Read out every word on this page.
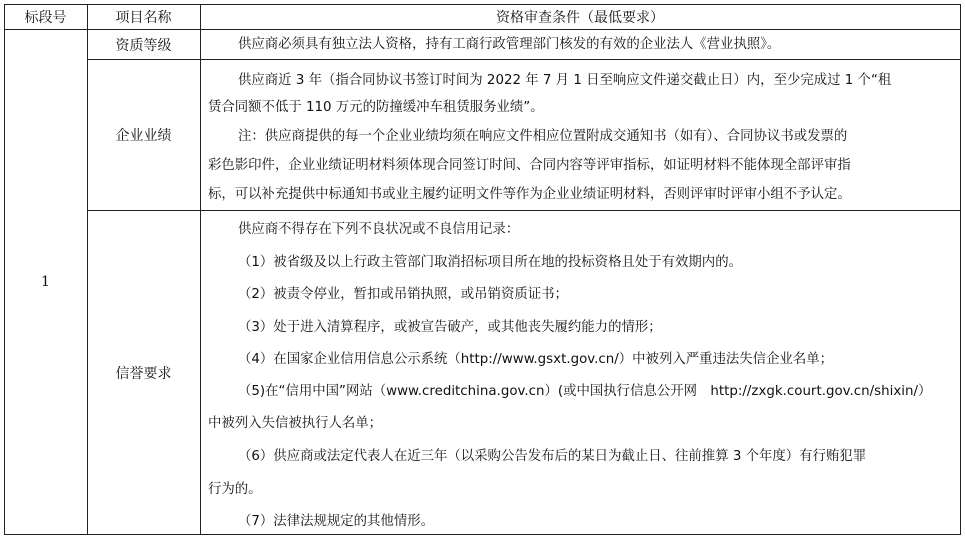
标段号	项目名称	资格审查条件（最低要求）
1
资质等级
企业业绩
信誉要求
供应商必须具有独立法人资格，持有工商行政管理部门核发的有效的企业法人《营业执照》。
供应商近 3 年（指合同协议书签订时间为 2022 年 7 月 1 日至响应文件递交截止日）内，至少完成过 1 个“租
赁合同额不低于 110 万元的防撞缓冲车租赁服务业绩”。
注：供应商提供的每一个企业业绩均须在响应文件相应位置附成交通知书（如有）、合同协议书或发票的
彩色影印件，企业业绩证明材料须体现合同签订时间、合同内容等评审指标，如证明材料不能体现全部评审指
标，可以补充提供中标通知书或业主履约证明文件等作为企业业绩证明材料，否则评审时评审小组不予认定。
供应商不得存在下列不良状况或不良信用记录：
（1）被省级及以上行政主管部门取消招标项目所在地的投标资格且处于有效期内的。
（2）被责令停业，暂扣或吊销执照，或吊销资质证书；
（3）处于进入清算程序，或被宣告破产，或其他丧失履约能力的情形；
（4）在国家企业信用信息公示系统（http://www.gsxt.gov.cn/）中被列入严重违法失信企业名单；
（5)在“信用中国”网站（www.creditchina.gov.cn）(或中国执行信息公开网　http://zxgk.court.gov.cn/shixin/）
中被列入失信被执行人名单；
（6）供应商或法定代表人在近三年（以采购公告发布后的某日为截止日、往前推算 3 个年度）有行贿犯罪
行为的。
（7）法律法规规定的其他情形。
